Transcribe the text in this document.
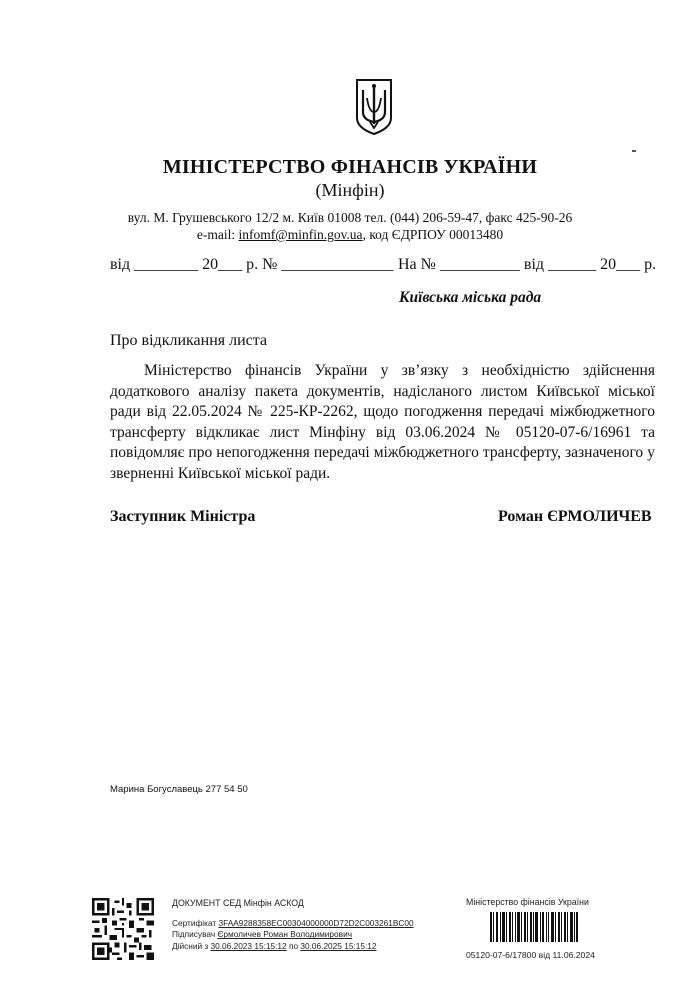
МІНІСТЕРСТВО ФІНАНСІВ УКРАЇНИ
(Мінфін)
вул. М. Грушевського 12/2 м. Київ 01008 тел. (044) 206-59-47, факс 425-90-26
e-mail: infomf@minfin.gov.ua, код ЄДРПОУ 00013480
від ________ 20___ р. № ______________ На № __________ від ______ 20___ р.
Київська міська рада
Про відкликання листа
Міністерство фінансів України у зв’язку з необхідністю здійснення додаткового аналізу пакета документів, надісланого листом Київської міської ради від 22.05.2024 № 225-КР-2262, щодо погодження передачі міжбюджетного трансферту відкликає лист Мінфіну від 03.06.2024 № 05120-07-6/16961 та повідомляє про непогодження передачі міжбюджетного трансферту, зазначеного у зверненні Київської міської ради.
Заступник Міністра	Роман ЄРМОЛИЧЕВ
Марина Богуславець 277 54 50
ДОКУМЕНТ СЕД Мінфін АСКОД
Сертифікат 3FAA9288358EC00304000000D72D2C003261BC00
Підписувач Єрмоличев Роман Володимирович
Дійсний з 30.06.2023 15:15:12 по 30.06.2025 15:15:12
Міністерство фінансів України
05120-07-6/17800 від 11.06.2024
